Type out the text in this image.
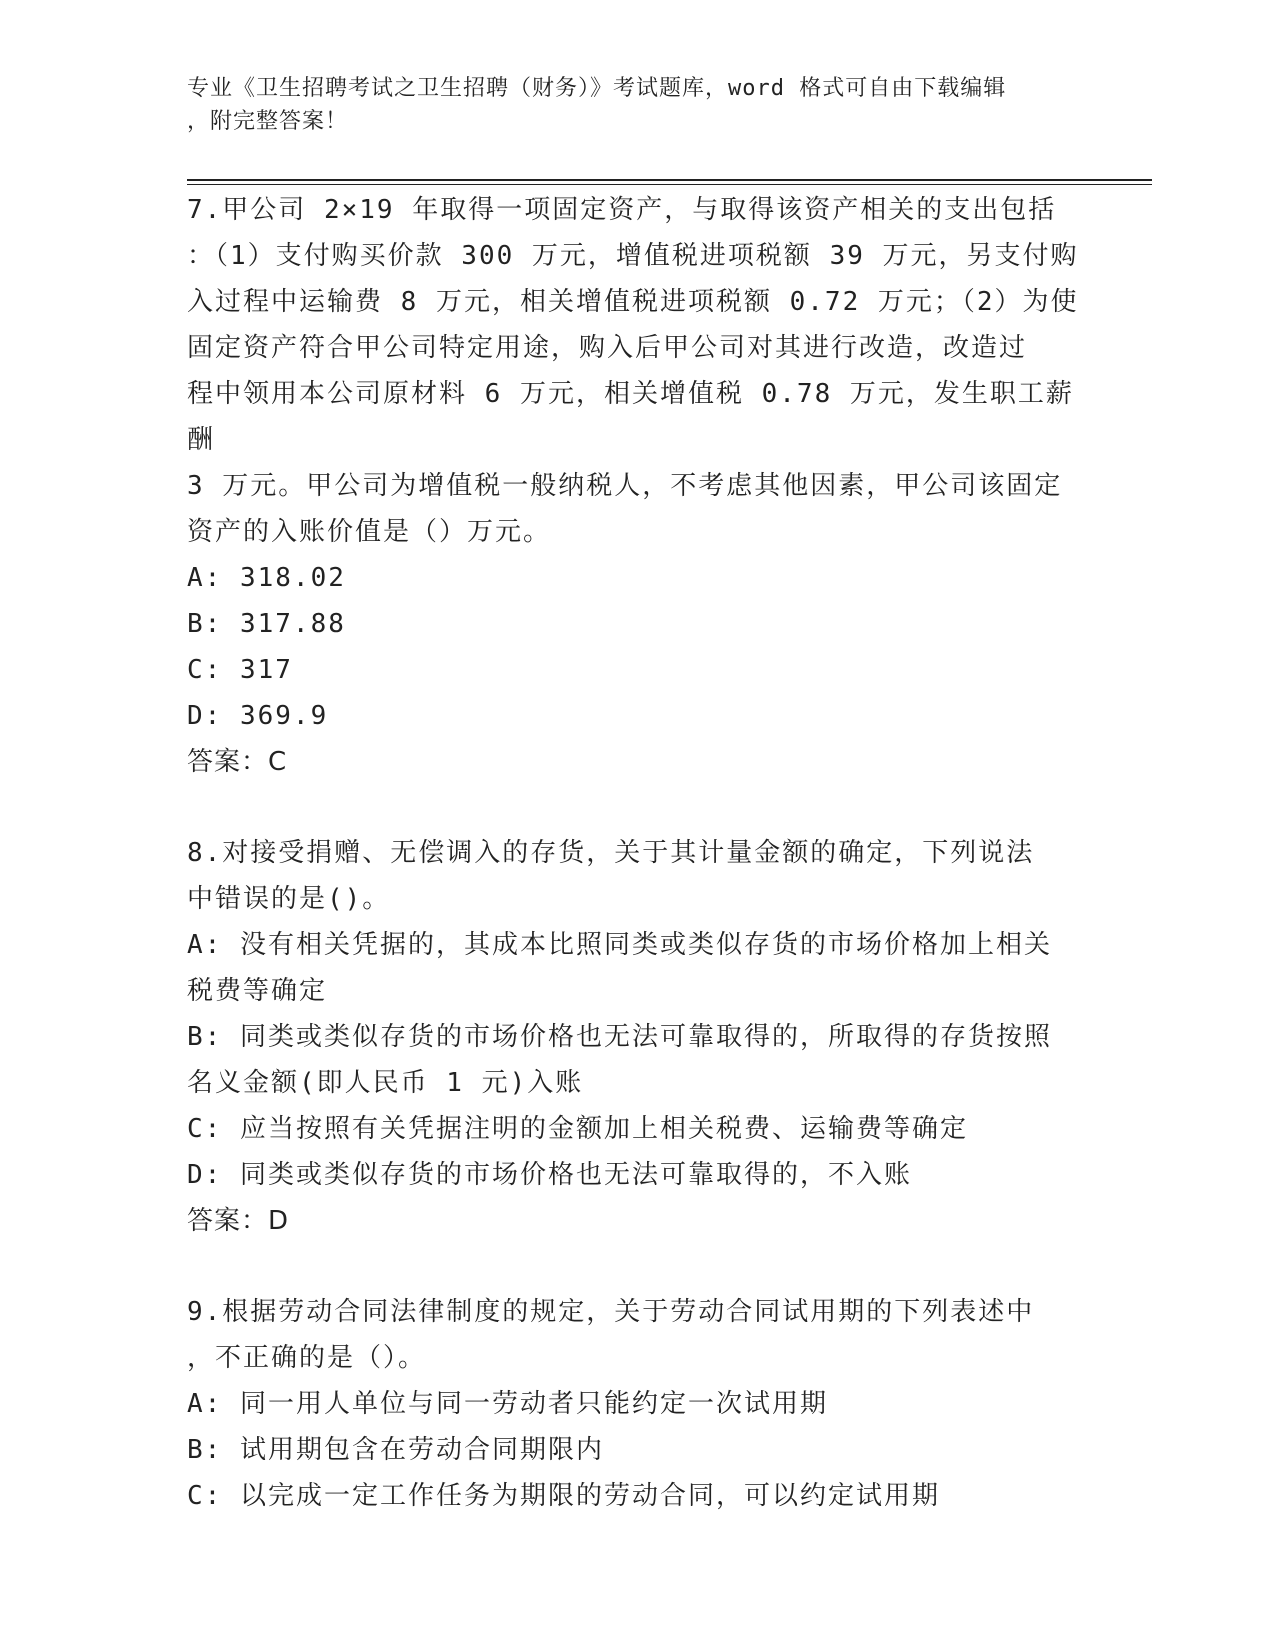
专业《卫生招聘考试之卫生招聘（财务）》考试题库，word 格式可自由下载编辑
，附完整答案！

7.甲公司 2×19 年取得一项固定资产，与取得该资产相关的支出包括
：（1）支付购买价款 300 万元，增值税进项税额 39 万元，另支付购
入过程中运输费 8 万元，相关增值税进项税额 0.72 万元；（2）为使
固定资产符合甲公司特定用途，购入后甲公司对其进行改造，改造过
程中领用本公司原材料 6 万元，相关增值税 0.78 万元，发生职工薪酬
3 万元。甲公司为增值税一般纳税人，不考虑其他因素，甲公司该固定
资产的入账价值是（）万元。

A: 318.02

B: 317.88

C: 317

D: 369.9

答案：C

8.对接受捐赠、无偿调入的存货，关于其计量金额的确定，下列说法
中错误的是()。

A: 没有相关凭据的，其成本比照同类或类似存货的市场价格加上相关
税费等确定

B: 同类或类似存货的市场价格也无法可靠取得的，所取得的存货按照
名义金额(即人民币 1 元)入账

C: 应当按照有关凭据注明的金额加上相关税费、运输费等确定

D: 同类或类似存货的市场价格也无法可靠取得的，不入账

答案：D

9.根据劳动合同法律制度的规定，关于劳动合同试用期的下列表述中
，不正确的是（）。

A: 同一用人单位与同一劳动者只能约定一次试用期

B: 试用期包含在劳动合同期限内

C: 以完成一定工作任务为期限的劳动合同，可以约定试用期
